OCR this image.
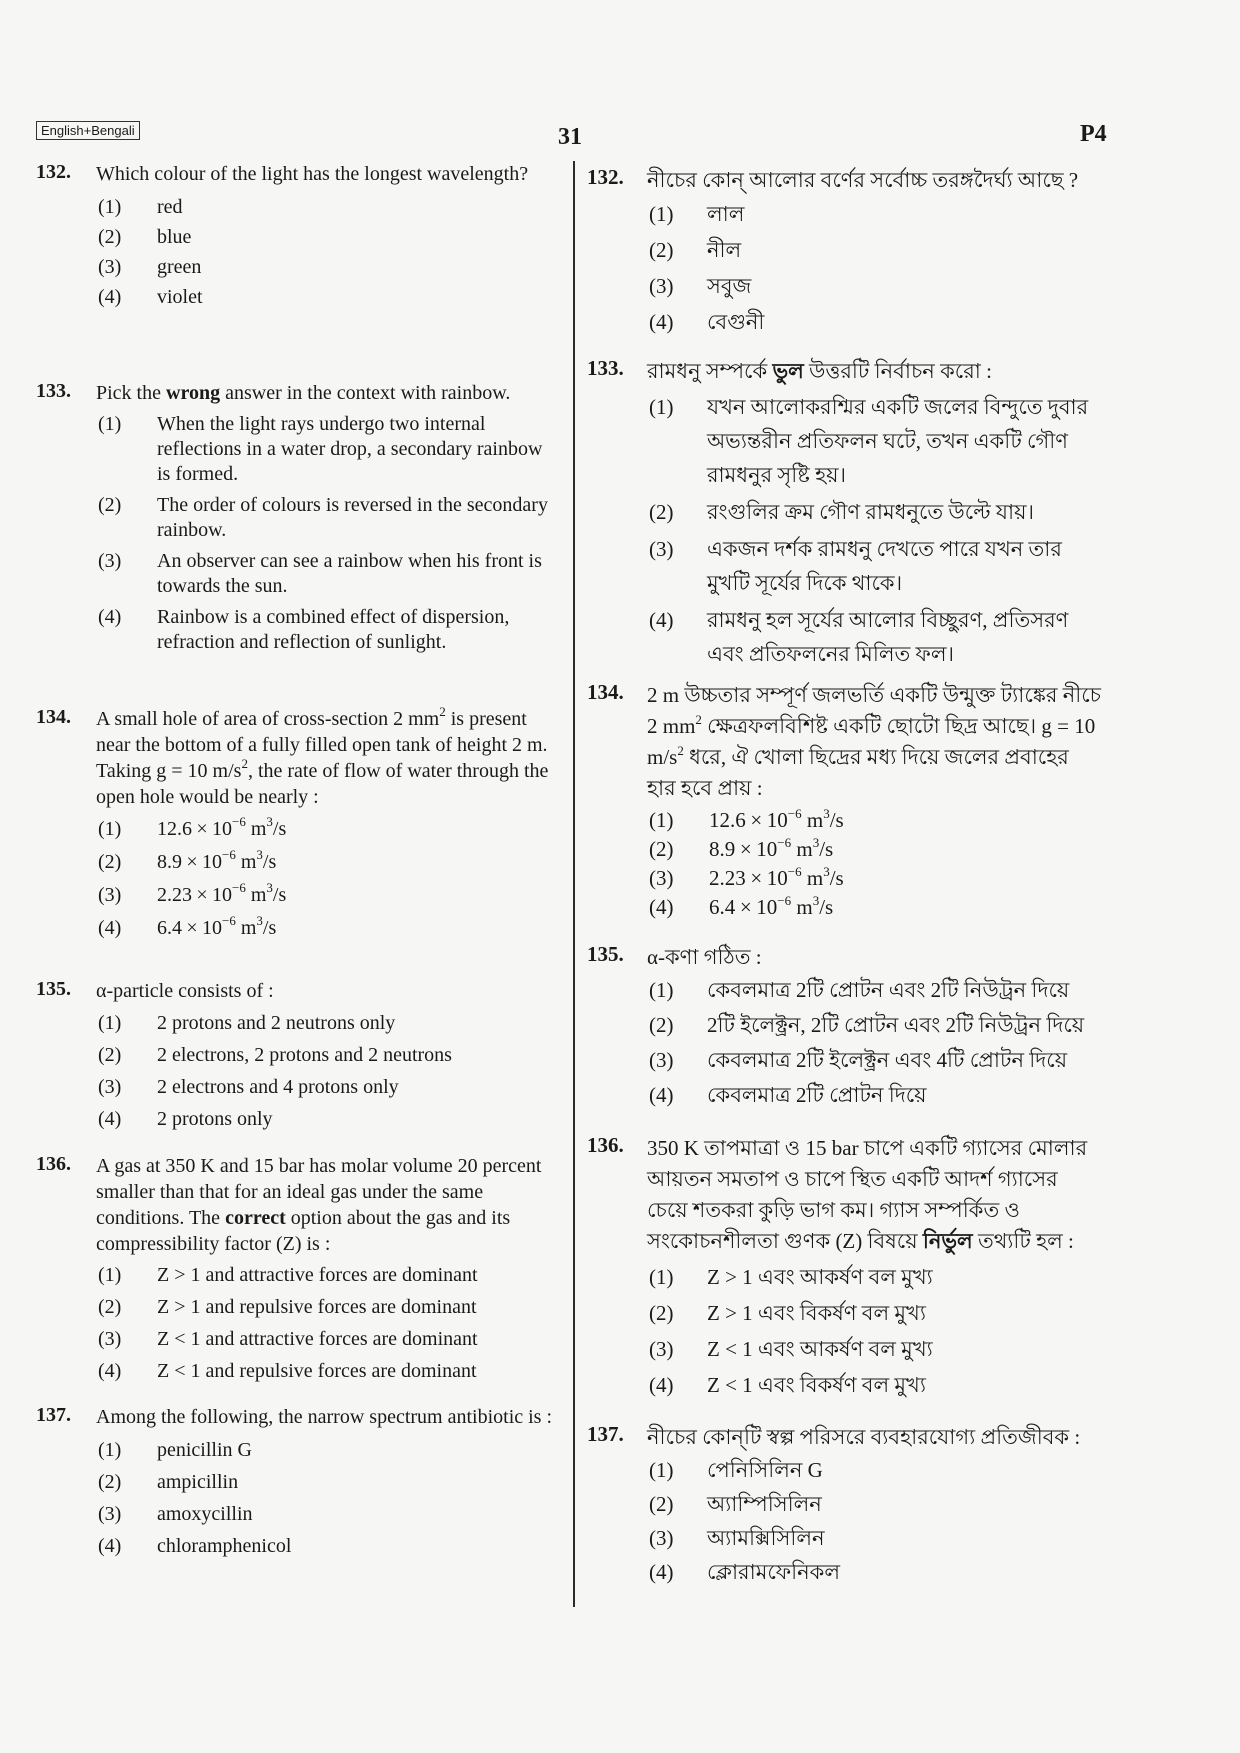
English+Bengali	31	P4
132. Which colour of the light has the longest wavelength?
(1) red
(2) blue
(3) green
(4) violet
133. Pick the wrong answer in the context with rainbow.
(1) When the light rays undergo two internal reflections in a water drop, a secondary rainbow is formed.
(2) The order of colours is reversed in the secondary rainbow.
(3) An observer can see a rainbow when his front is towards the sun.
(4) Rainbow is a combined effect of dispersion, refraction and reflection of sunlight.
134. A small hole of area of cross-section 2 $mm^2$ is present near the bottom of a fully filled open tank of height 2 m. Taking g = 10 $m/s^2$, the rate of flow of water through the open hole would be nearly :
(1) $12.6 \times 10^{-6}$ $m^3/s$
(2) $8.9 \times 10^{-6}$ $m^3/s$
(3) $2.23 \times 10^{-6}$ $m^3/s$
(4) $6.4 \times 10^{-6}$ $m^3/s$
135. α-particle consists of :
(1) 2 protons and 2 neutrons only
(2) 2 electrons, 2 protons and 2 neutrons
(3) 2 electrons and 4 protons only
(4) 2 protons only
136. A gas at 350 K and 15 bar has molar volume 20 percent smaller than that for an ideal gas under the same conditions. The correct option about the gas and its compressibility factor (Z) is :
(1) Z > 1 and attractive forces are dominant
(2) Z > 1 and repulsive forces are dominant
(3) Z < 1 and attractive forces are dominant
(4) Z < 1 and repulsive forces are dominant
137. Among the following, the narrow spectrum antibiotic is :
(1) penicillin G
(2) ampicillin
(3) amoxycillin
(4) chloramphenicol
132. নীচের কোন্ আলোর বর্ণের সর্বোচ্চ তরঙ্গদৈর্ঘ্য আছে ?
(1) লাল
(2) নীল
(3) সবুজ
(4) বেগুনী
133. রামধনু সম্পর্কে ভুল উত্তরটি নির্বাচন করো :
(1) যখন আলোকরশ্মির একটি জলের বিন্দুতে দুবার অভ্যন্তরীন প্রতিফলন ঘটে, তখন একটি গৌণ রামধনুর সৃষ্টি হয়।
(2) রংগুলির ক্রম গৌণ রামধনুতে উল্টে যায়।
(3) একজন দর্শক রামধনু দেখতে পারে যখন তার মুখটি সূর্যের দিকে থাকে।
(4) রামধনু হল সূর্যের আলোর বিচ্ছুরণ, প্রতিসরণ এবং প্রতিফলনের মিলিত ফল।
134. 2 m উচ্চতার সম্পূর্ণ জলভর্তি একটি উন্মুক্ত ট্যাঙ্কের নীচে 2 $mm^2$ ক্ষেত্রফলবিশিষ্ট একটি ছোটো ছিদ্র আছে। g = 10 $m/s^2$ ধরে, ঐ খোলা ছিদ্রের মধ্য দিয়ে জলের প্রবাহের হার হবে প্রায় :
(1) $12.6 \times 10^{-6}$ $m^3/s$
(2) $8.9 \times 10^{-6}$ $m^3/s$
(3) $2.23 \times 10^{-6}$ $m^3/s$
(4) $6.4 \times 10^{-6}$ $m^3/s$
135. α-কণা গঠিত :
(1) কেবলমাত্র 2টি প্রোটন এবং 2টি নিউট্রন দিয়ে
(2) 2টি ইলেক্ট্রন, 2টি প্রোটন এবং 2টি নিউট্রন দিয়ে
(3) কেবলমাত্র 2টি ইলেক্ট্রন এবং 4টি প্রোটন দিয়ে
(4) কেবলমাত্র 2টি প্রোটন দিয়ে
136. 350 K তাপমাত্রা ও 15 bar চাপে একটি গ্যাসের মোলার আয়তন সমতাপ ও চাপে স্থিত একটি আদর্শ গ্যাসের চেয়ে শতকরা কুড়ি ভাগ কম। গ্যাস সম্পর্কিত ও সংকোচনশীলতা গুণক (Z) বিষয়ে নির্ভুল তথ্যটি হল :
(1) Z > 1 এবং আকর্ষণ বল মুখ্য
(2) Z > 1 এবং বিকর্ষণ বল মুখ্য
(3) Z < 1 এবং আকর্ষণ বল মুখ্য
(4) Z < 1 এবং বিকর্ষণ বল মুখ্য
137. নীচের কোন্‌টি স্বল্প পরিসরে ব্যবহারযোগ্য প্রতিজীবক :
(1) পেনিসিলিন G
(2) অ্যাম্পিসিলিন
(3) অ্যামক্সিসিলিন
(4) ক্লোরামফেনিকল
